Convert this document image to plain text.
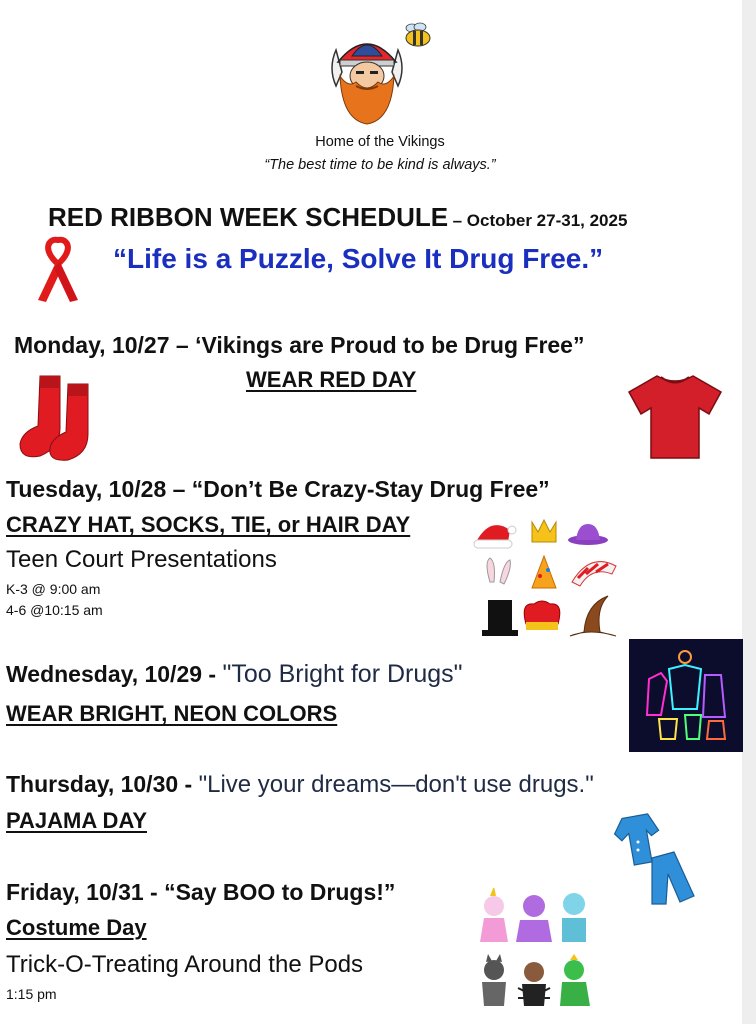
Home of the Vikings
“The best time to be kind is always.”
RED RIBBON WEEK SCHEDULE – October 27-31, 2025
“Life is a Puzzle, Solve It Drug Free.”
Monday, 10/27 – ‘Vikings are Proud to be Drug Free”
WEAR RED DAY
Tuesday, 10/28 – “Don’t Be Crazy-Stay Drug Free”
CRAZY HAT, SOCKS, TIE, or HAIR DAY
Teen Court Presentations
K-3 @ 9:00 am
4-6 @10:15 am
Wednesday, 10/29 - "Too Bright for Drugs"
WEAR BRIGHT, NEON COLORS
Thursday, 10/30 - "Live your dreams—don't use drugs."
PAJAMA DAY
Friday, 10/31 - “Say BOO to Drugs!”
Costume Day
Trick-O-Treating Around the Pods
1:15 pm
